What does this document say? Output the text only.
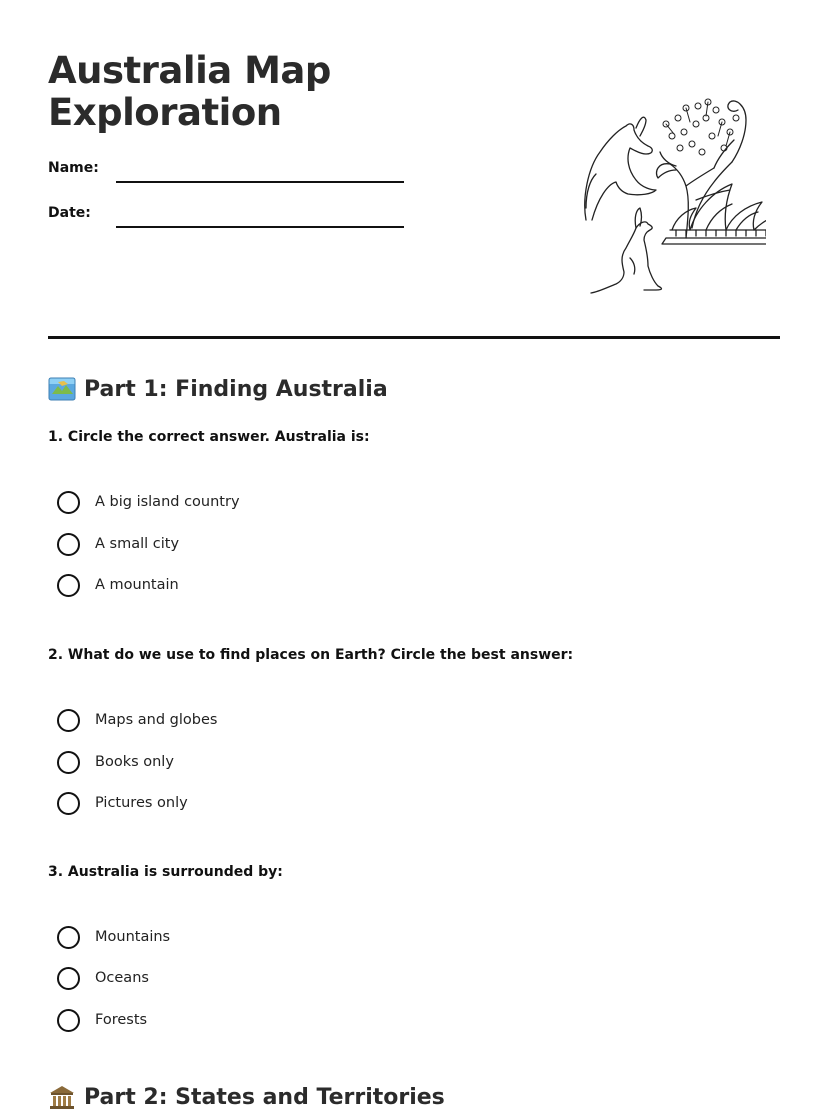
Australia Map
Exploration
Name:
Date:
Part 1: Finding Australia
1. Circle the correct answer. Australia is:
A big island country
A small city
A mountain
2. What do we use to find places on Earth? Circle the best answer:
Maps and globes
Books only
Pictures only
3. Australia is surrounded by:
Mountains
Oceans
Forests
Part 2: States and Territories
